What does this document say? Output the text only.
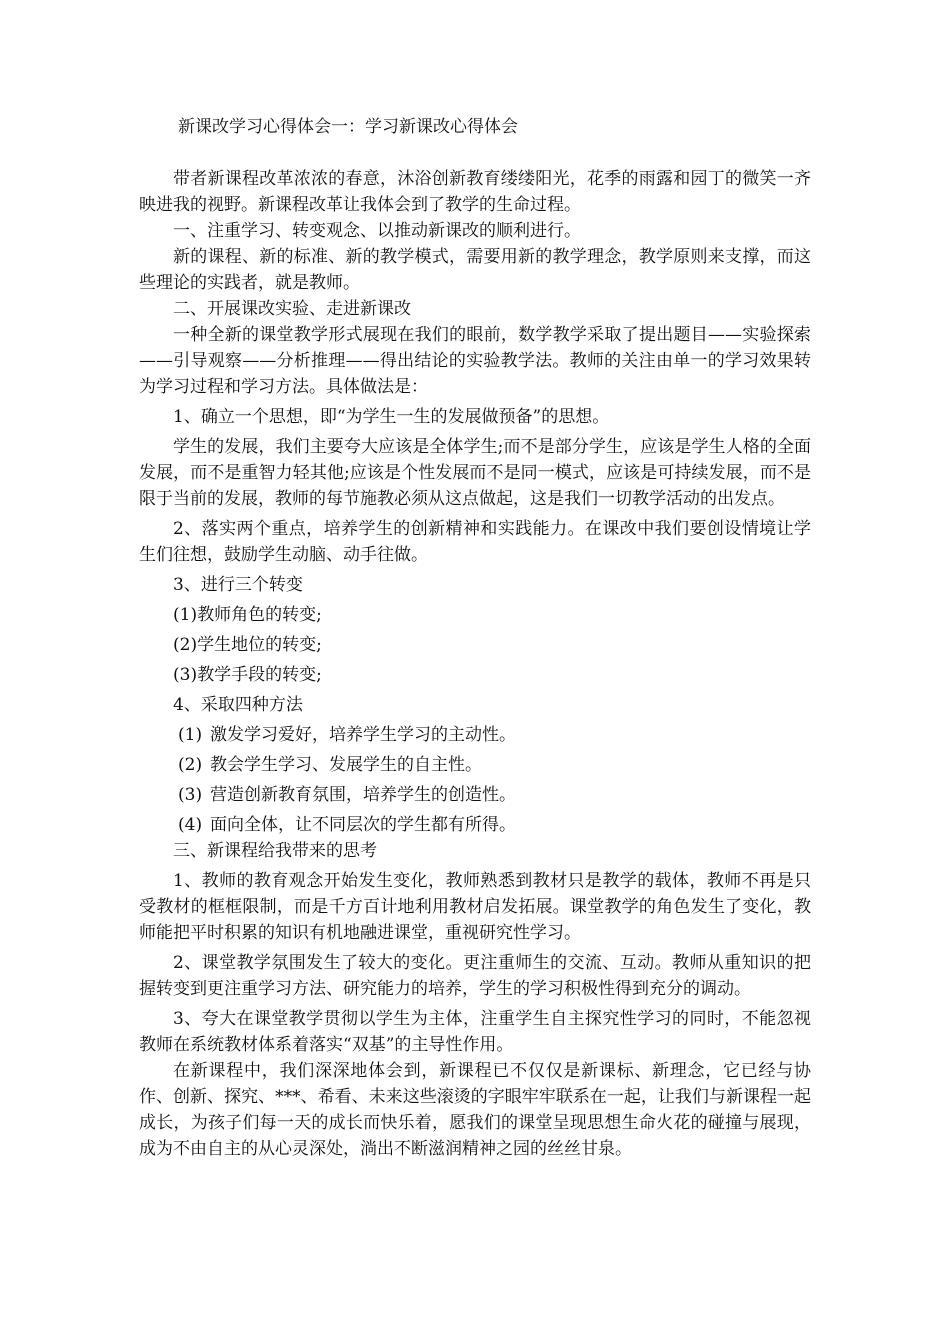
新课改学习心得体会一：学习新课改心得体会

带者新课程改革浓浓的春意，沐浴创新教育缕缕阳光，花季的雨露和园丁的微笑一齐映进我的视野。新课程改革让我体会到了教学的生命过程。

一、注重学习、转变观念、以推动新课改的顺利进行。

新的课程、新的标准、新的教学模式，需要用新的教学理念，教学原则来支撑，而这些理论的实践者，就是教师。

二、开展课改实验、走进新课改

一种全新的课堂教学形式展现在我们的眼前，数学教学采取了提出题目——实验探索——引导观察——分析推理——得出结论的实验教学法。教师的关注由单一的学习效果转为学习过程和学习方法。具体做法是：

1、确立一个思想，即“为学生一生的发展做预备”的思想。

学生的发展，我们主要夸大应该是全体学生;而不是部分学生，应该是学生人格的全面发展，而不是重智力轻其他;应该是个性发展而不是同一模式，应该是可持续发展，而不是限于当前的发展，教师的每节施教必须从这点做起，这是我们一切教学活动的出发点。

2、落实两个重点，培养学生的创新精神和实践能力。在课改中我们要创设情境让学生们往想，鼓励学生动脑、动手往做。

3、进行三个转变

(1)教师角色的转变;

(2)学生地位的转变;

(3)教学手段的转变;

4、采取四种方法

(1) 激发学习爱好，培养学生学习的主动性。

(2) 教会学生学习、发展学生的自主性。

(3) 营造创新教育氛围，培养学生的创造性。

(4) 面向全体，让不同层次的学生都有所得。

三、新课程给我带来的思考

1、教师的教育观念开始发生变化，教师熟悉到教材只是教学的载体，教师不再是只受教材的框框限制，而是千方百计地利用教材启发拓展。课堂教学的角色发生了变化，教师能把平时积累的知识有机地融进课堂，重视研究性学习。

2、课堂教学氛围发生了较大的变化。更注重师生的交流、互动。教师从重知识的把握转变到更注重学习方法、研究能力的培养，学生的学习积极性得到充分的调动。

3、夸大在课堂教学贯彻以学生为主体，注重学生自主探究性学习的同时，不能忽视教师在系统教材体系着落实“双基”的主导性作用。

在新课程中，我们深深地体会到，新课程已不仅仅是新课标、新理念，它已经与协作、创新、探究、***、希看、未来这些滚烫的字眼牢牢联系在一起，让我们与新课程一起成长，为孩子们每一天的成长而快乐着，愿我们的课堂呈现思想生命火花的碰撞与展现，成为不由自主的从心灵深处，淌出不断滋润精神之园的丝丝甘泉。
